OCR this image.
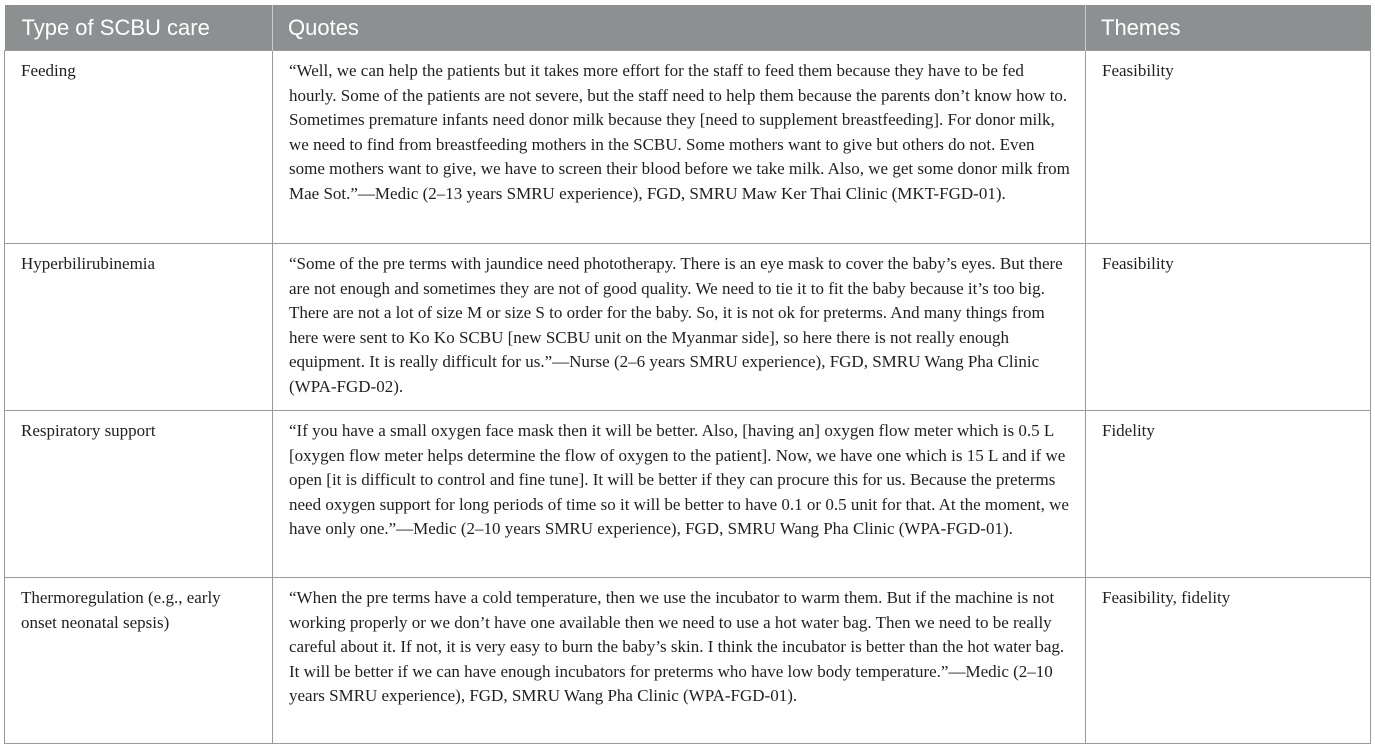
Type of SCBU care	Quotes	Themes
Feeding	“Well, we can help the patients but it takes more effort for the staff to feed them because they have to be fed hourly. Some of the patients are not severe, but the staff need to help them because the parents don’t know how to. Sometimes premature infants need donor milk because they [need to supplement breastfeeding]. For donor milk, we need to find from breastfeeding mothers in the SCBU. Some mothers want to give but others do not. Even some mothers want to give, we have to screen their blood before we take milk. Also, we get some donor milk from Mae Sot.”—Medic (2–13 years SMRU experience), FGD, SMRU Maw Ker Thai Clinic (MKT-FGD-01).	Feasibility
Hyperbilirubinemia	“Some of the pre terms with jaundice need phototherapy. There is an eye mask to cover the baby’s eyes. But there are not enough and sometimes they are not of good quality. We need to tie it to fit the baby because it’s too big. There are not a lot of size M or size S to order for the baby. So, it is not ok for preterms. And many things from here were sent to Ko Ko SCBU [new SCBU unit on the Myanmar side], so here there is not really enough equipment. It is really difficult for us.”—Nurse (2–6 years SMRU experience), FGD, SMRU Wang Pha Clinic (WPA-FGD-02).	Feasibility
Respiratory support	“If you have a small oxygen face mask then it will be better. Also, [having an] oxygen flow meter which is 0.5 L [oxygen flow meter helps determine the flow of oxygen to the patient]. Now, we have one which is 15 L and if we open [it is difficult to control and fine tune]. It will be better if they can procure this for us. Because the preterms need oxygen support for long periods of time so it will be better to have 0.1 or 0.5 unit for that. At the moment, we have only one.”—Medic (2–10 years SMRU experience), FGD, SMRU Wang Pha Clinic (WPA-FGD-01).	Fidelity
Thermoregulation (e.g., early onset neonatal sepsis)	“When the pre terms have a cold temperature, then we use the incubator to warm them. But if the machine is not working properly or we don’t have one available then we need to use a hot water bag. Then we need to be really careful about it. If not, it is very easy to burn the baby’s skin. I think the incubator is better than the hot water bag. It will be better if we can have enough incubators for preterms who have low body temperature.”—Medic (2–10 years SMRU experience), FGD, SMRU Wang Pha Clinic (WPA-FGD-01).	Feasibility, fidelity
